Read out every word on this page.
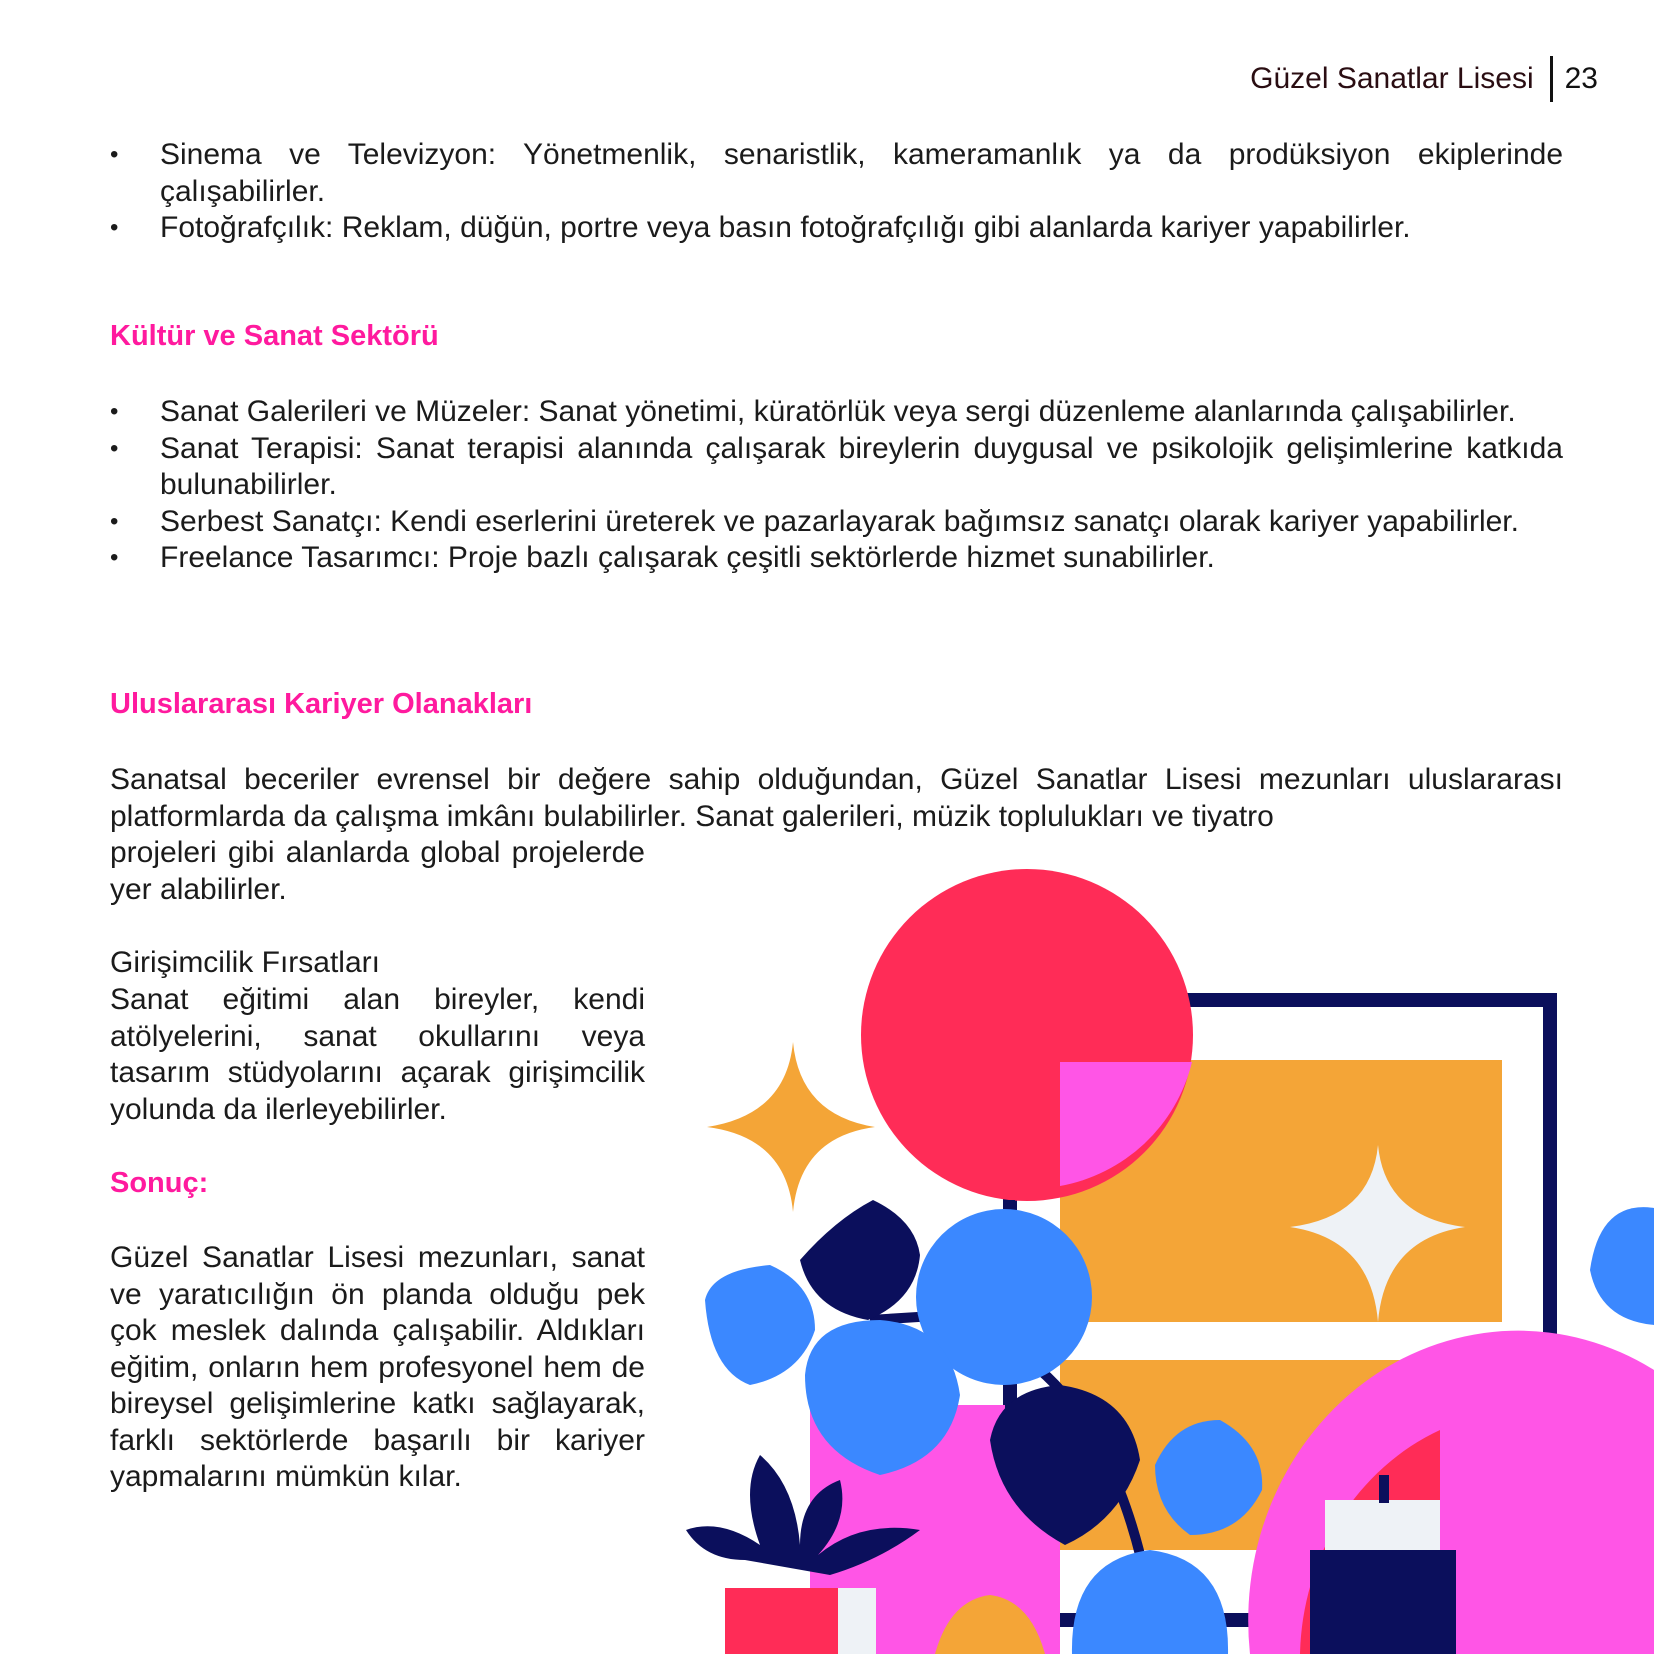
Güzel Sanatlar Lisesi	23
• Sinema ve Televizyon: Yönetmenlik, senaristlik, kameramanlık ya da prodüksiyon ekiplerinde çalışabilirler.
• Fotoğrafçılık: Reklam, düğün, portre veya basın fotoğrafçılığı gibi alanlarda kariyer yapabilirler.
Kültür ve Sanat Sektörü
• Sanat Galerileri ve Müzeler: Sanat yönetimi, küratörlük veya sergi düzenleme alanlarında çalışabilirler.
• Sanat Terapisi: Sanat terapisi alanında çalışarak bireylerin duygusal ve psikolojik gelişimlerine katkıda bulunabilirler.
• Serbest Sanatçı: Kendi eserlerini üreterek ve pazarlayarak bağımsız sanatçı olarak kariyer yapabilirler.
• Freelance Tasarımcı: Proje bazlı çalışarak çeşitli sektörlerde hizmet sunabilirler.
Uluslararası Kariyer Olanakları

Sanatsal beceriler evrensel bir değere sahip olduğundan, Güzel Sanatlar Lisesi mezunları uluslararası platformlarda da çalışma imkânı bulabilirler. Sanat galerileri, müzik toplulukları ve tiyatro

projeleri gibi alanlarda global projelerde yer alabilirler.

Girişimcilik Fırsatları

Sanat eğitimi alan bireyler, kendi atölyelerini, sanat okullarını veya tasarım stüdyolarını açarak girişimcilik yolunda da ilerleyebilirler.

Sonuç:

Güzel Sanatlar Lisesi mezunları, sanat ve yaratıcılığın ön planda olduğu pek çok meslek dalında çalışabilir. Aldıkları eğitim, onların hem profesyonel hem de bireysel gelişimlerine katkı sağlayarak, farklı sektörlerde başarılı bir kariyer yapmalarını mümkün kılar.
